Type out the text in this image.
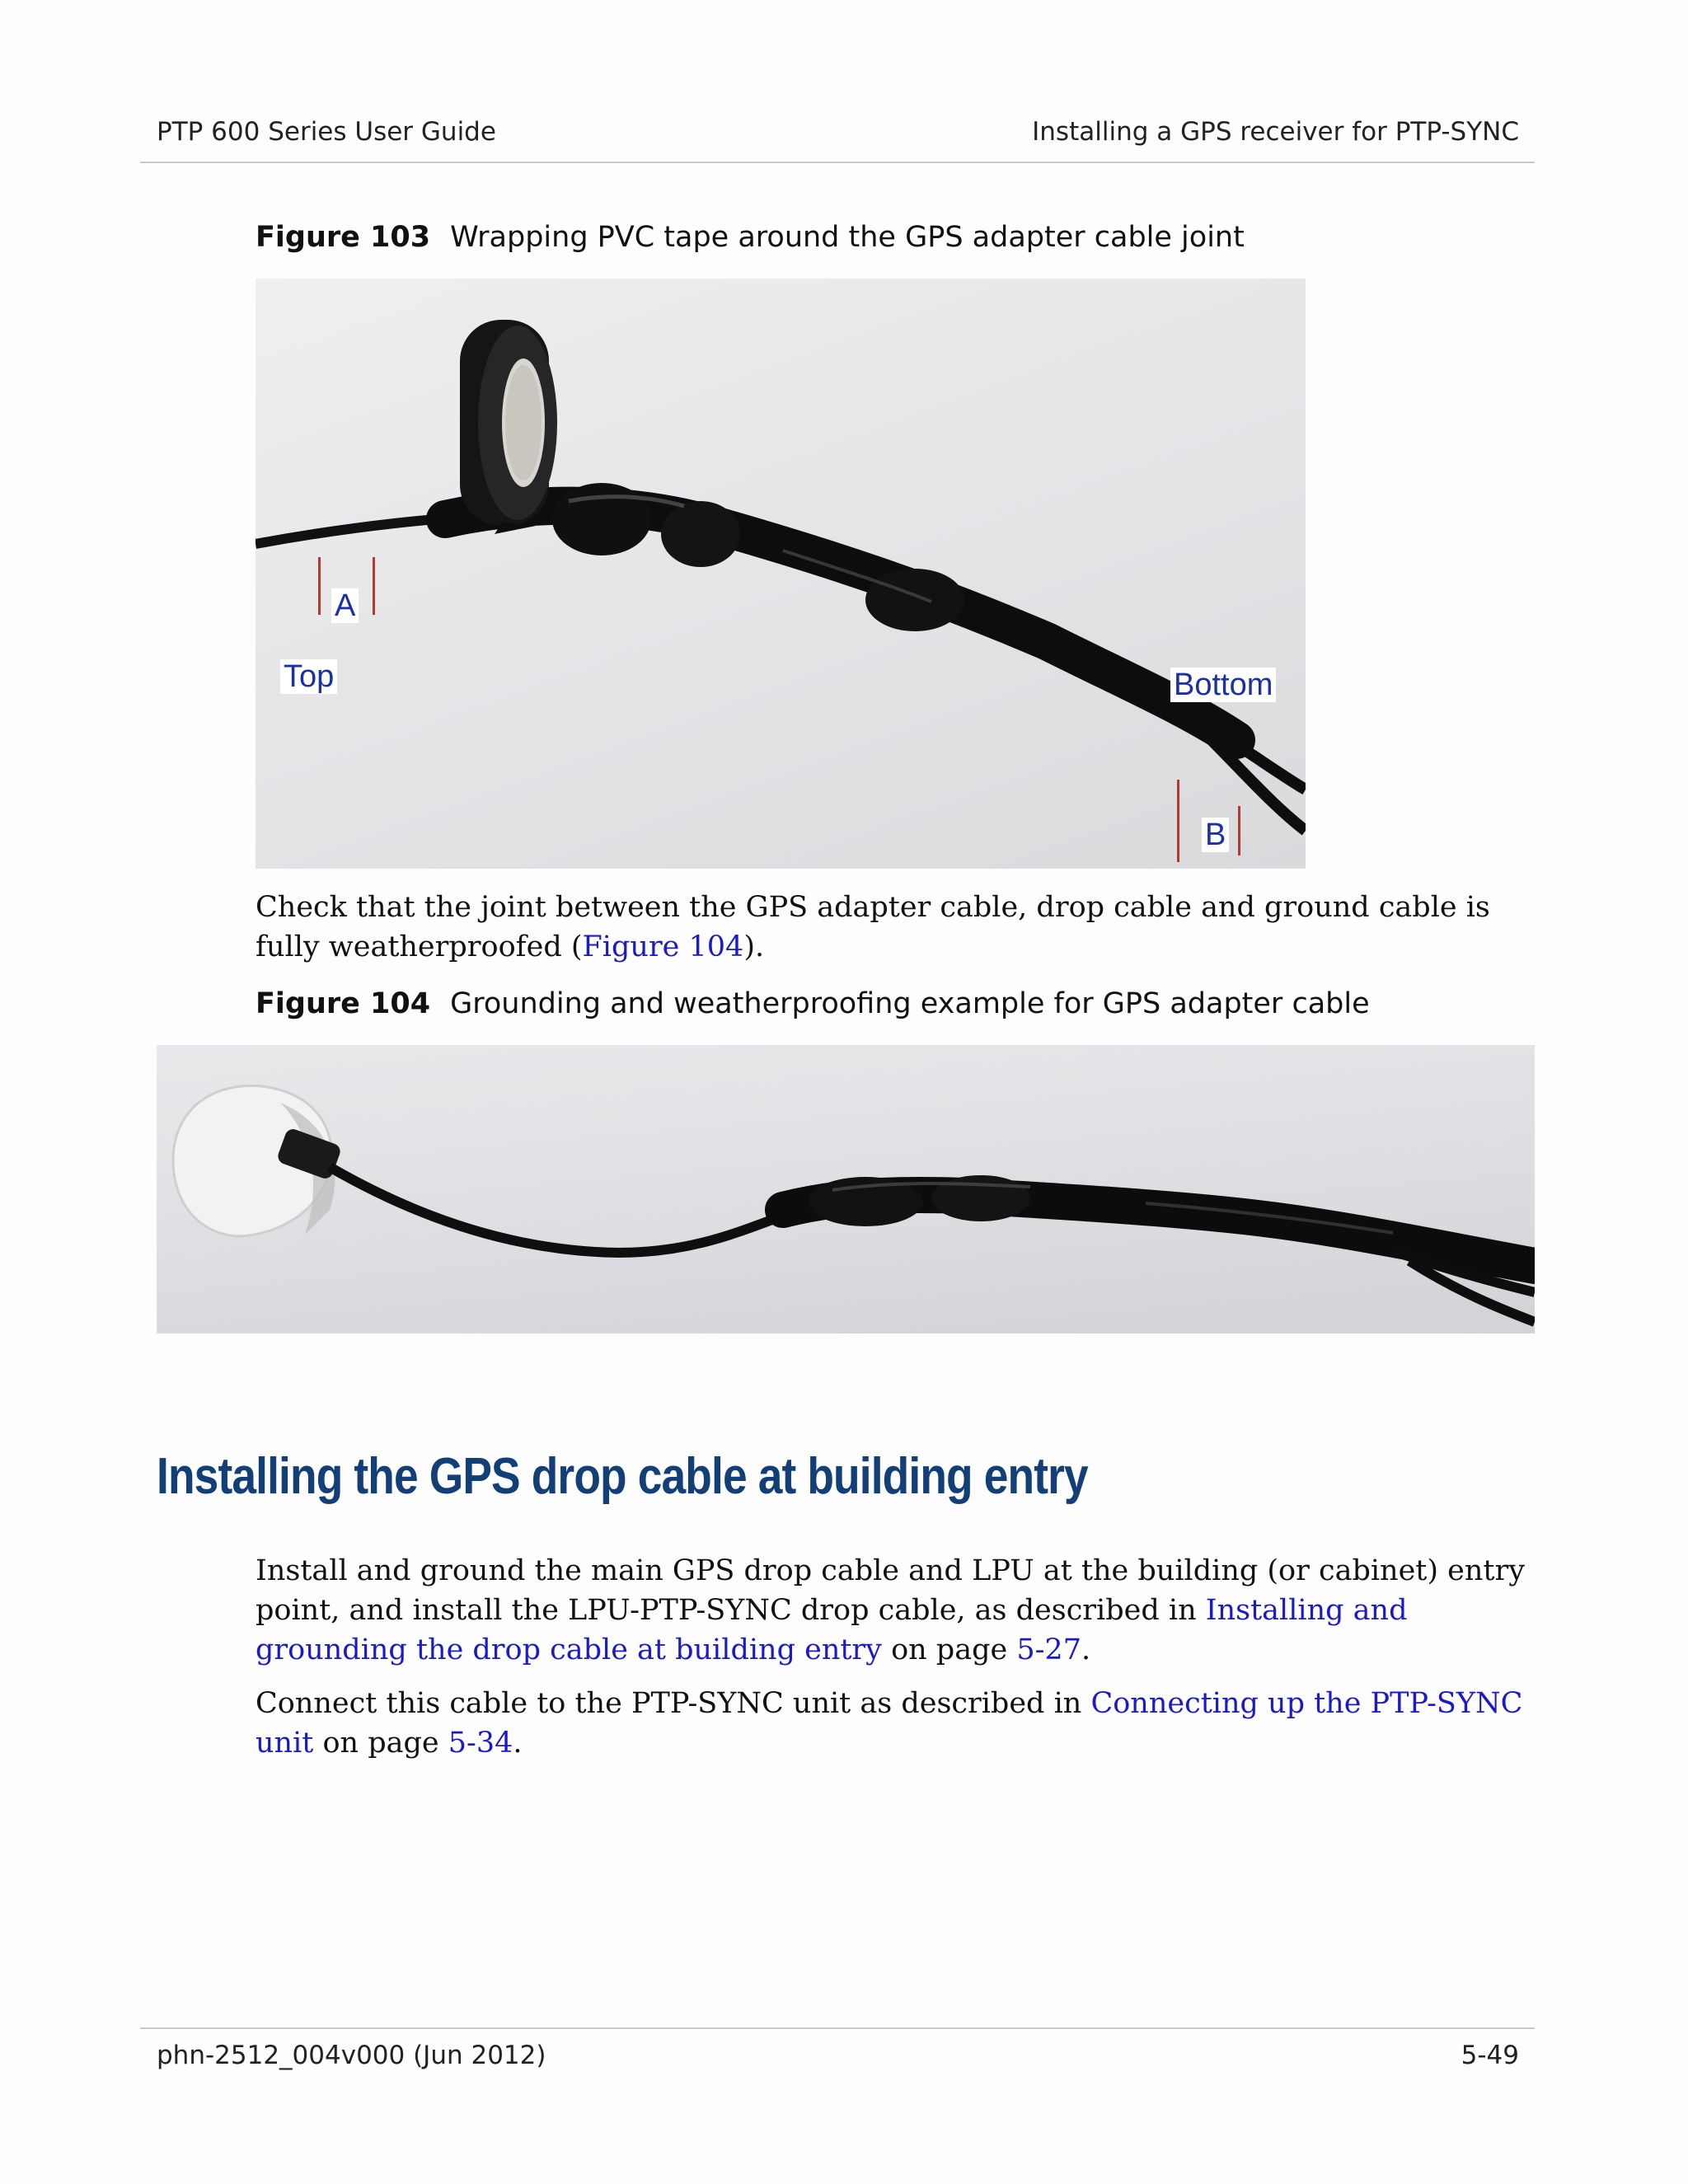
PTP 600 Series User Guide	Installing a GPS receiver for PTP-SYNC
Figure 103 Wrapping PVC tape around the GPS adapter cable joint
A
Top	Bottom
B
Check that the joint between the GPS adapter cable, drop cable and ground cable is fully weatherproofed (Figure 104).
Figure 104 Grounding and weatherproofing example for GPS adapter cable
Installing the GPS drop cable at building entry
Install and ground the main GPS drop cable and LPU at the building (or cabinet) entry point, and install the LPU-PTP-SYNC drop cable, as described in Installing and grounding the drop cable at building entry on page 5-27.
Connect this cable to the PTP-SYNC unit as described in Connecting up the PTP-SYNC unit on page 5-34.
phn-2512_004v000 (Jun 2012)	5-49
